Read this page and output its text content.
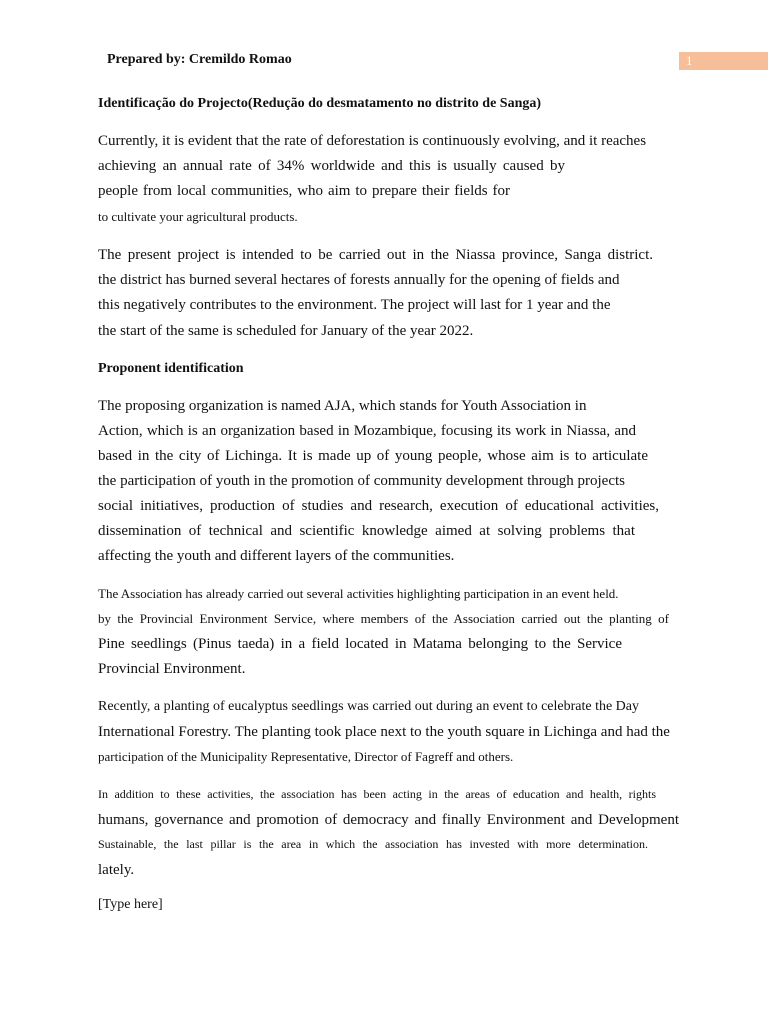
Prepared by: Cremildo Romao	1
Identificação do Projecto(Redução do desmatamento no distrito de Sanga)
Currently, it is evident that the rate of deforestation is continuously evolving, and it reaches
achieving an annual rate of 34% worldwide and this is usually caused by
people from local communities, who aim to prepare their fields for
to cultivate your agricultural products.
The present project is intended to be carried out in the Niassa province, Sanga district.
the district has burned several hectares of forests annually for the opening of fields and
this negatively contributes to the environment. The project will last for 1 year and the
the start of the same is scheduled for January of the year 2022.
Proponent identification
The proposing organization is named AJA, which stands for Youth Association in
Action, which is an organization based in Mozambique, focusing its work in Niassa, and
based in the city of Lichinga. It is made up of young people, whose aim is to articulate
the participation of youth in the promotion of community development through projects
social initiatives, production of studies and research, execution of educational activities,
dissemination of technical and scientific knowledge aimed at solving problems that
affecting the youth and different layers of the communities.
The Association has already carried out several activities highlighting participation in an event held.
by the Provincial Environment Service, where members of the Association carried out the planting of
Pine seedlings (Pinus taeda) in a field located in Matama belonging to the Service
Provincial Environment.
Recently, a planting of eucalyptus seedlings was carried out during an event to celebrate the Day
International Forestry. The planting took place next to the youth square in Lichinga and had the
participation of the Municipality Representative, Director of Fagreff and others.
In addition to these activities, the association has been acting in the areas of education and health, rights
humans, governance and promotion of democracy and finally Environment and Development
Sustainable, the last pillar is the area in which the association has invested with more determination.
lately.
[Type here]
